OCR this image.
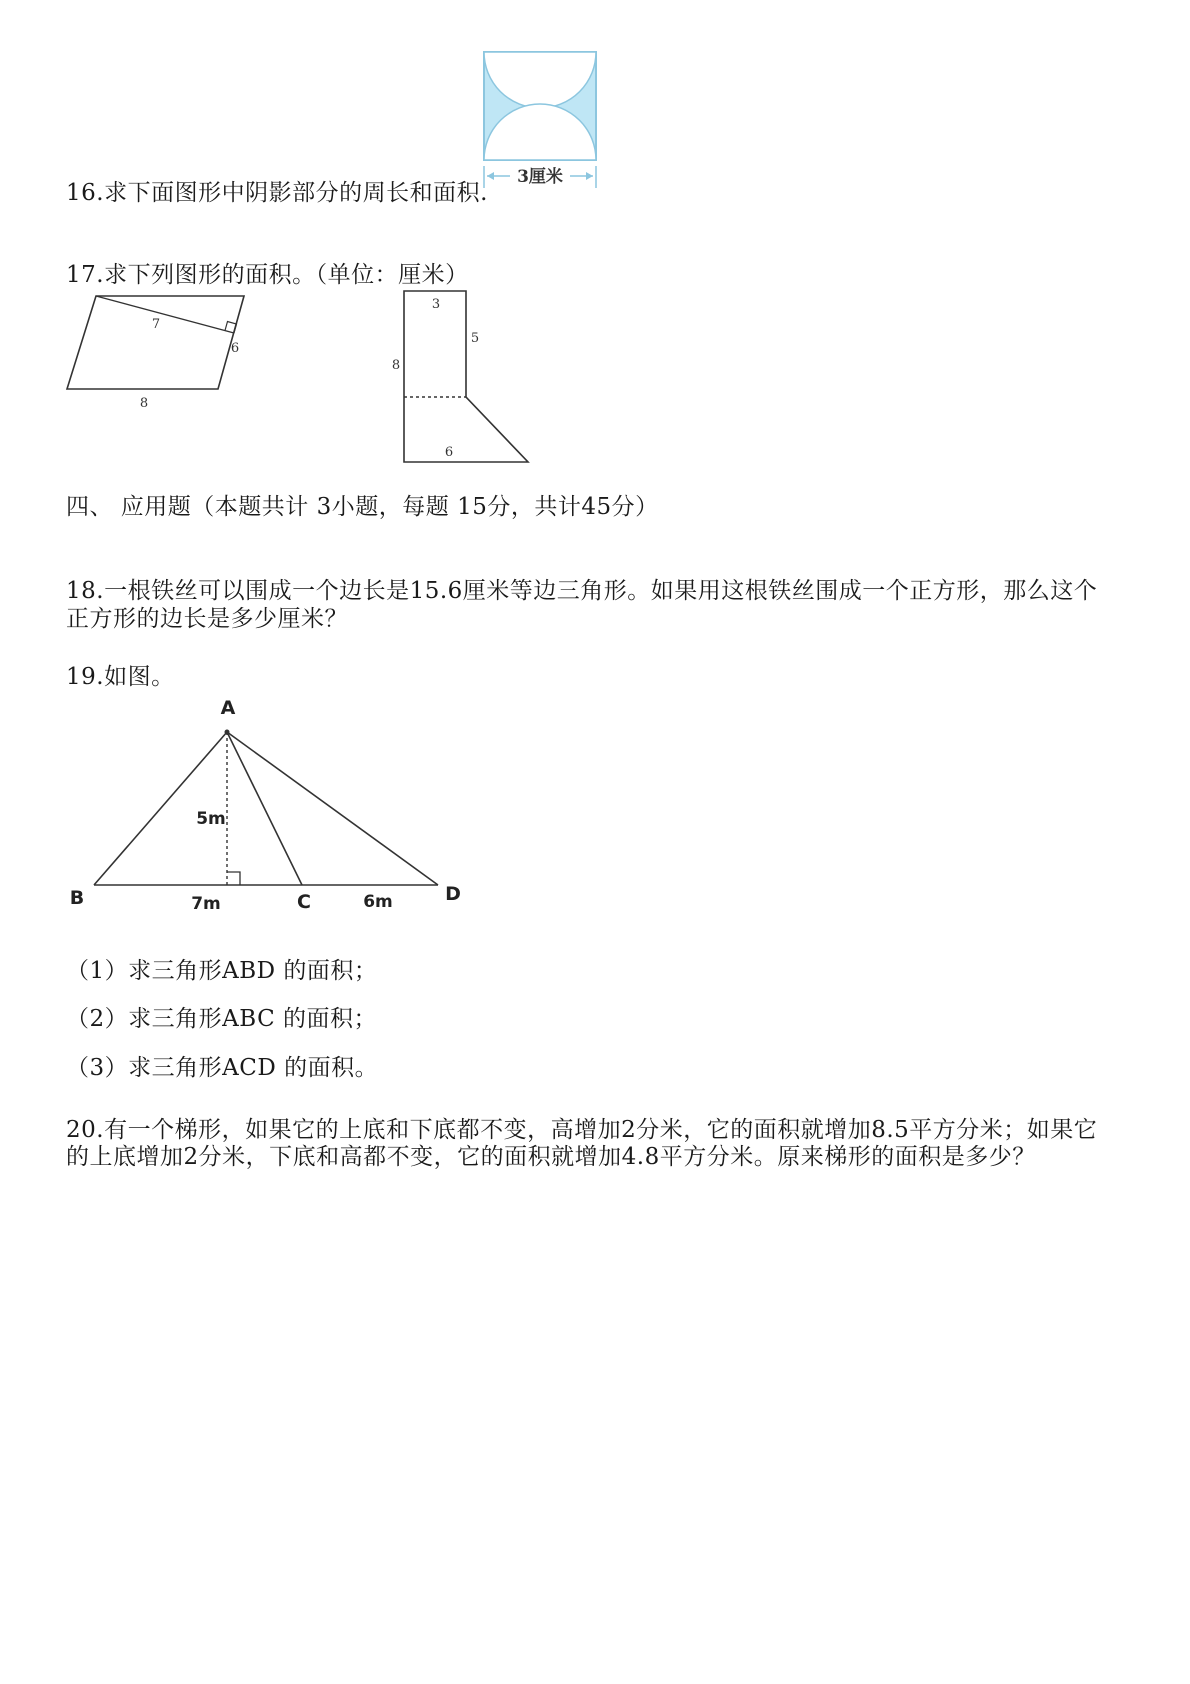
16.求下面图形中阴影部分的周长和面积.
3厘米
17.求下列图形的面积。（单位：厘米）
7
6
8
3
5
8
6
四、 应用题（本题共计 3小题，每题 15分，共计45分）
18.一根铁丝可以围成一个边长是15.6厘米等边三角形。如果用这根铁丝围成一个正方形，那么这个
正方形的边长是多少厘米？
19.如图。
A
B	C	D
5m
7m	6m
（1）求三角形ABD 的面积；
（2）求三角形ABC 的面积；
（3）求三角形ACD 的面积。
20.有一个梯形，如果它的上底和下底都不变，高增加2分米，它的面积就增加8.5平方分米；如果它
的上底增加2分米，下底和高都不变，它的面积就增加4.8平方分米。原来梯形的面积是多少？
